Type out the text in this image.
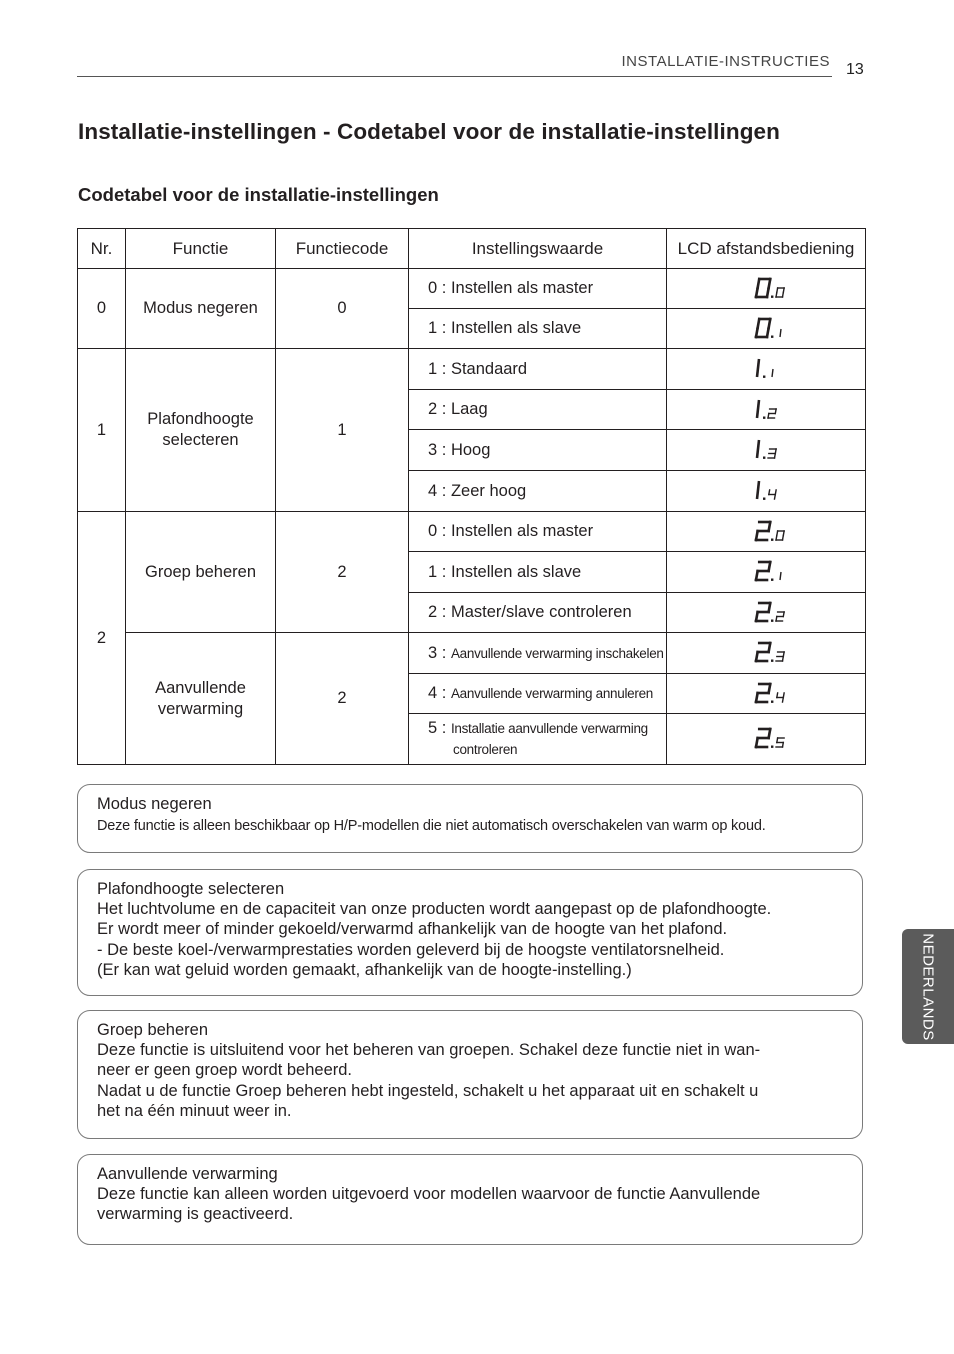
INSTALLATIE-INSTRUCTIES 13
Installatie-instellingen - Codetabel voor de installatie-instellingen
Codetabel voor de installatie-instellingen
Nr.	Functie	Functiecode	Instellingswaarde	LCD afstandsbediening
0	Modus negeren	0	0 : Instellen als master	

			1 : Instellen als slave	

1	Plafondhoogte selecteren	1	1 : Standaard	

			2 : Laag	

			3 : Hoog	

			4 : Zeer hoog	

2	Groep beheren	2	0 : Instellen als master	

			1 : Instellen als slave	

			2 : Master/slave controleren	

	Aanvullende verwarming	2	3 : Aanvullende verwarming inschakelen	

			4 : Aanvullende verwarming annuleren	

			5 : Installatie aanvullende verwarming
controleren	

Modus negeren

Deze functie is alleen beschikbaar op H/P-modellen die niet automatisch overschakelen van warm op koud.

Plafondhoogte selecteren

Het luchtvolume en de capaciteit van onze producten wordt aangepast op de plafondhoogte.
Er wordt meer of minder gekoeld/verwarmd afhankelijk van de hoogte van het plafond.
- De beste koel-/verwarmprestaties worden geleverd bij de hoogste ventilatorsnelheid.
(Er kan wat geluid worden gemaakt, afhankelijk van de hoogte-instelling.)

Groep beheren

Deze functie is uitsluitend voor het beheren van groepen. Schakel deze functie niet in wan-
neer er geen groep wordt beheerd.
Nadat u de functie Groep beheren hebt ingesteld, schakelt u het apparaat uit en schakelt u
het na één minuut weer in.

Aanvullende verwarming

Deze functie kan alleen worden uitgevoerd voor modellen waarvoor de functie Aanvullende
verwarming is geactiveerd.

NEDERLANDS
